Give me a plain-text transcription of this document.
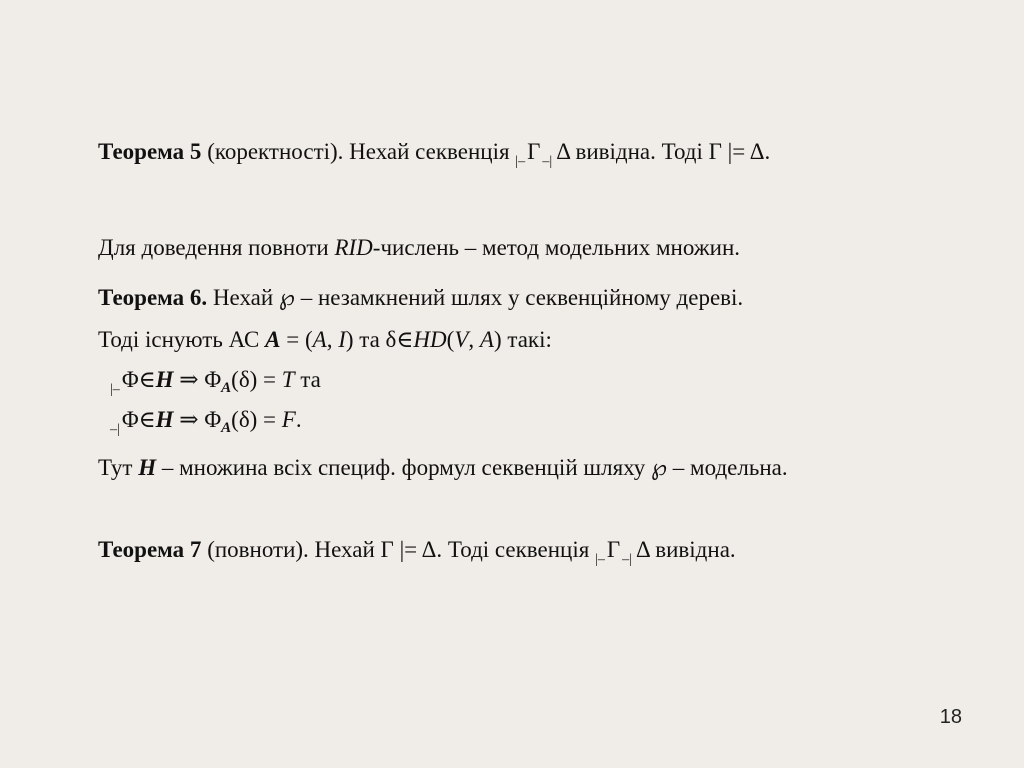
Теорема 5 (коректності). Нехай секвенція $_{|-}$Γ $_{-|}$ Δ вивідна. Тоді Γ |= Δ.
Для доведення повноти RID-числень – метод модельних множин.
Теорема 6. Нехай ℘ – незамкнений шлях у секвенційному дереві.
Тоді існують АС A = (A, I) та δ∈HD(V, A) такі:
$_{|-}$Φ∈H ⇒ $\Phi_A(\delta) = T$ та
$_{-|}$Φ∈H ⇒ $\Phi_A(\delta) = F$.
Тут H – множина всіх специф. формул секвенцій шляху ℘ – модельна.
Теорема 7 (повноти). Нехай Γ |= Δ. Тоді секвенція $_{|-}$Γ $_{-|}$ Δ вивідна.
18
